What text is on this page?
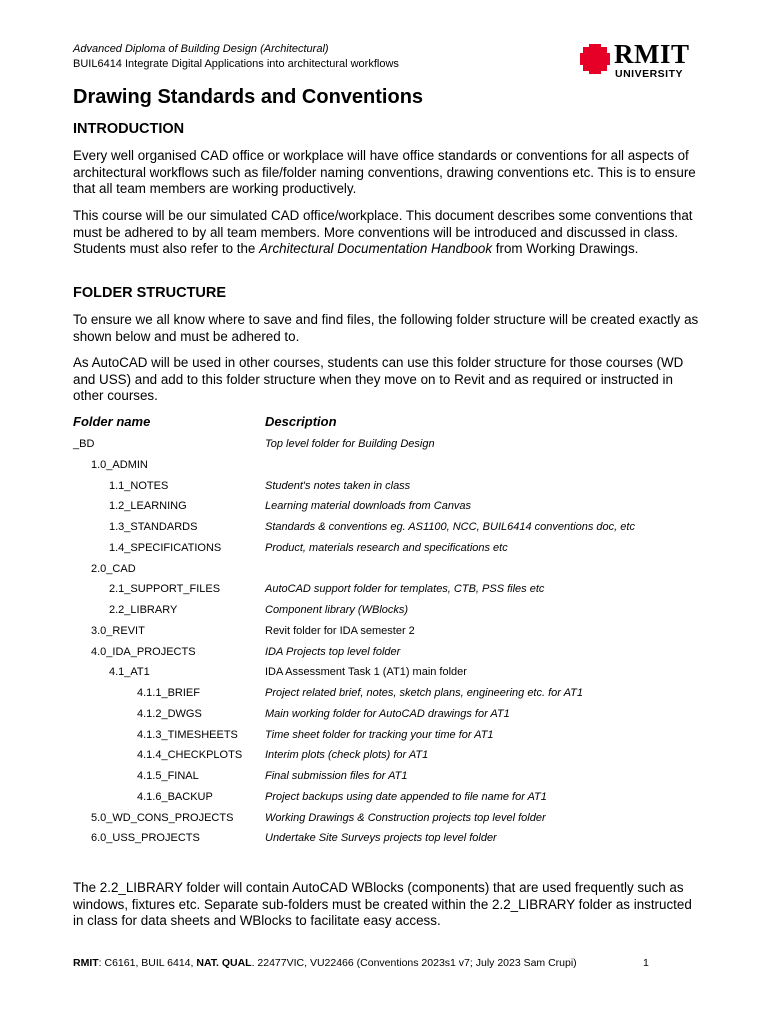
Advanced Diploma of Building Design (Architectural)
BUIL6414 Integrate Digital Applications into architectural workflows	RMIT
UNIVERSITY
Drawing Standards and Conventions
INTRODUCTION

Every well organised CAD office or workplace will have office standards or conventions for all aspects of architectural workflows such as file/folder naming conventions, drawing conventions etc. This is to ensure that all team members are working productively.

This course will be our simulated CAD office/workplace. This document describes some conventions that must be adhered to by all team members. More conventions will be introduced and discussed in class. Students must also refer to the Architectural Documentation Handbook from Working Drawings.

FOLDER STRUCTURE

To ensure we all know where to save and find files, the following folder structure will be created exactly as shown below and must be adhered to.

As AutoCAD will be used in other courses, students can use this folder structure for those courses (WD and USS) and add to this folder structure when they move on to Revit and as required or instructed in other courses.

Folder name	Description
_BD	Top level folder for Building Design
1.0_ADMIN
1.1_NOTES	Student's notes taken in class
1.2_LEARNING	Learning material downloads from Canvas
1.3_STANDARDS	Standards & conventions eg. AS1100, NCC, BUIL6414 conventions doc, etc
1.4_SPECIFICATIONS	Product, materials research and specifications etc
2.0_CAD
2.1_SUPPORT_FILES	AutoCAD support folder for templates, CTB, PSS files etc
2.2_LIBRARY	Component library (WBlocks)
3.0_REVIT	Revit folder for IDA semester 2
4.0_IDA_PROJECTS	IDA Projects top level folder
4.1_AT1	IDA Assessment Task 1 (AT1) main folder
4.1.1_BRIEF	Project related brief, notes, sketch plans, engineering etc. for AT1
4.1.2_DWGS	Main working folder for AutoCAD drawings for AT1
4.1.3_TIMESHEETS Time sheet folder for tracking your time for AT1
4.1.4_CHECKPLOTS Interim plots (check plots) for AT1
4.1.5_FINAL	Final submission files for AT1
4.1.6_BACKUP	Project backups using date appended to file name for AT1
5.0_WD_CONS_PROJECTS	Working Drawings & Construction projects top level folder
6.0_USS_PROJECTS	Undertake Site Surveys projects top level folder

The 2.2_LIBRARY folder will contain AutoCAD WBlocks (components) that are used frequently such as windows, fixtures etc. Separate sub-folders must be created within the 2.2_LIBRARY folder as instructed in class for data sheets and WBlocks to facilitate easy access.

RMIT: C6161, BUIL 6414, NAT. QUAL. 22477VIC, VU22466 (Conventions 2023s1 v7; July 2023 Sam Crupi)	1
